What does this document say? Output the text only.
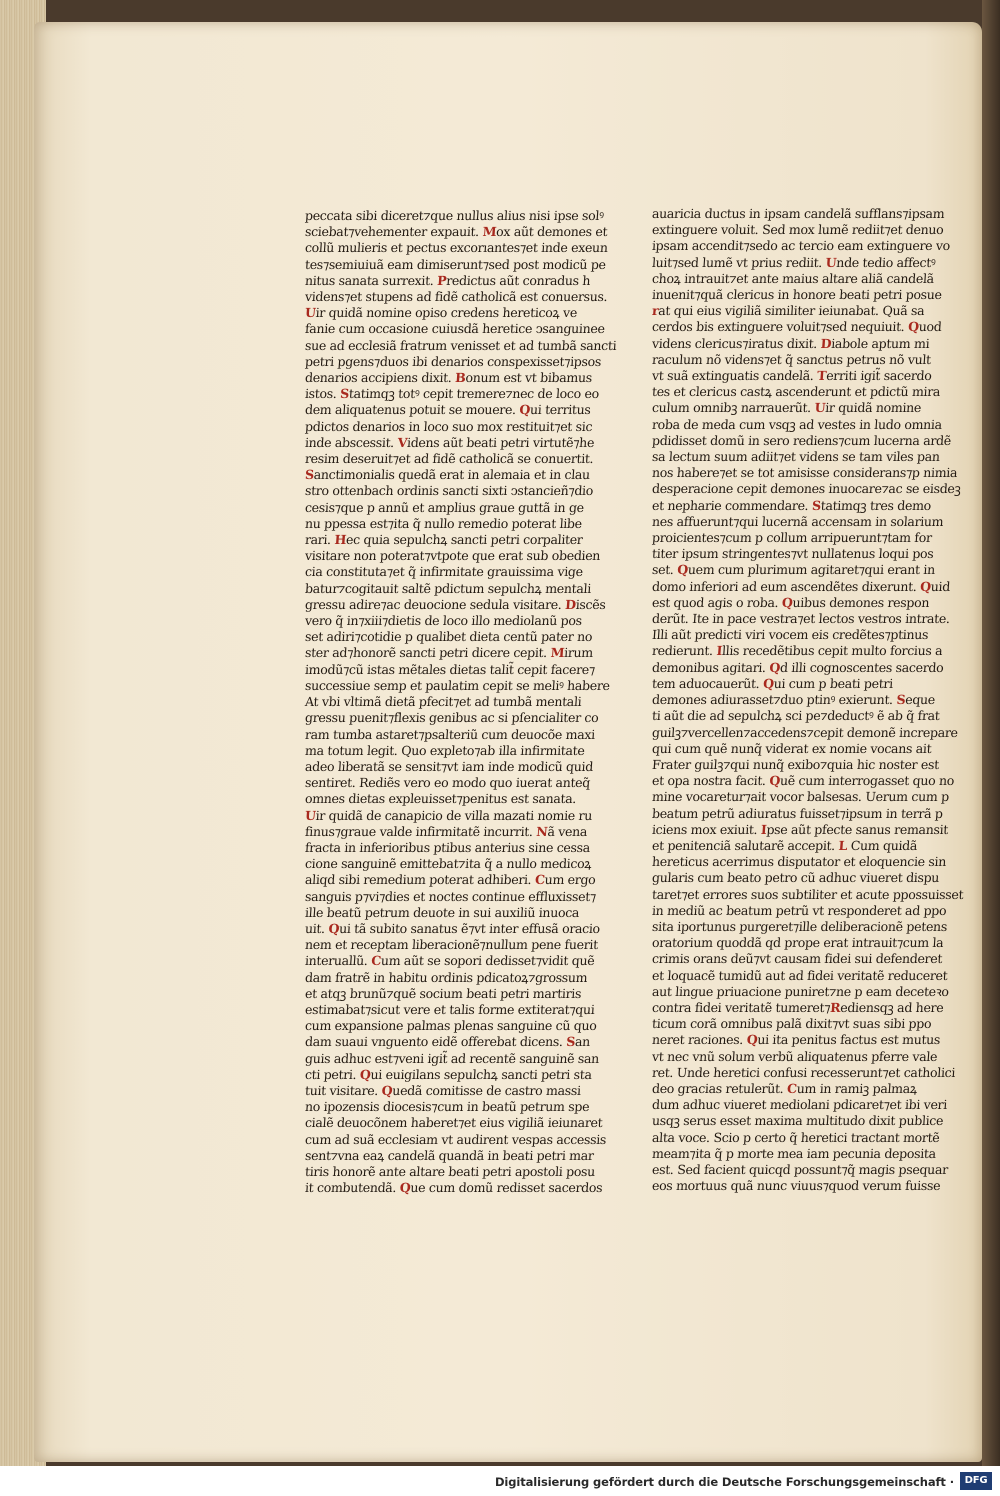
peccata sibi diceret⁊que nullus alius nisi ipse solꝰ
sciebat⁊vehementer expauit. Mox aũt demones et
collũ mulieris et pectus excorıantes⁊et inde exeun
tes⁊semiuiuã eam dimiserunt⁊sed post modicũ pe
nitus sanata surrexit. Predictus aũt conradus h
videns⁊et stupens ad fidẽ catholicã est conuersus.
Uir quidã nomine opiso credens hereticoꝝ ve
fanie cum occasione cuiusdã heretice ↄsanguinee
sue ad ecclesiã fratrum venisset et ad tumbã sancti
petri pgens⁊duos ibi denarios conspexisset⁊ipsos
denarios accipiens dixit. Bonum est vt bibamus
istos. Statimqꝫ totꝰ cepit tremere⁊nec de loco eo
dem aliquatenus potuit se mouere. Qui territus
pdictos denarios in loco suo mox restituit⁊et sic
inde abscessit. Videns aũt beati petri virtutẽ⁊he
resim deseruit⁊et ad fidẽ catholicã se conuertit.
Sanctimonialis quedã erat in alemaia et in clau
stro ottenbach ordinis sancti sixti ↄstancieñ⁊dio
cesis⁊que p annũ et amplius graue guttã in ge
nu ppessa est⁊ita q̃ nullo remedio poterat libe
rari. Hec quia sepulchꝝ sancti petri corpaliter
visitare non poterat⁊vtpote que erat sub obedien
cia constituta⁊et q̃ infirmitate grauissima vige
batur⁊cogitauit saltẽ pdictum sepulchꝝ mentali
gressu adire⁊ac deuocione sedula visitare. Discẽs
vero q̃ in⁊xiii⁊dietis de loco illo mediolanũ pos
set adiri⁊cotidie p qualibet dieta centũ pater no
ster ad⁊honorẽ sancti petri dicere cepit. Mirum
imodũ⁊cũ istas mẽtales dietas talit̃ cepit facere⁊
successiue semp et paulatim cepit se meliꝰ habere
At vbi vltimã dietã pfecit⁊et ad tumbã mentali
gressu puenit⁊flexis genibus ac si pſencialiter co
ram tumba astaret⁊psalteriũ cum deuocõe maxi
ma totum legit. Quo expleto⁊ab illa infirmitate
adeo liberatã se sensit⁊vt iam inde modicũ quid
sentiret. Rediẽs vero eo modo quo iuerat anteq̃
omnes dietas expleuisset⁊penitus est sanata.
Uir quidã de canapicio de villa mazati nomie ru
finus⁊graue valde infirmitatẽ incurrit. Nã vena
fracta in inferioribus ptibus anterius sine cessa
cione sanguinẽ emittebat⁊ita q̃ a nullo medicoꝝ
aliqd sibi remedium poterat adhiberi. Cum ergo
sanguis p⁊vi⁊dies et noctes continue effluxisset⁊
ille beatũ petrum deuote in sui auxiliũ inuoca
uit. Qui tã subito sanatus ẽ⁊vt inter effusã oracio
nem et receptam liberacionẽ⁊nullum pene fuerit
interuallũ. Cum aũt se sopori dedisset⁊vidit quẽ
dam fratrẽ in habitu ordinis pdicatoꝝ⁊grossum
et atqꝫ brunũ⁊quẽ socium beati petri martiris
estimabat⁊sicut vere et talis forme extiterat⁊qui
cum expansione palmas plenas sanguine cũ quo
dam suaui vnguento eidẽ offerebat dicens. San
guis adhuc est⁊veni igit̃ ad recentẽ sanguinẽ san
cti petri. Qui euigilans sepulchꝝ sancti petri sta
tuit visitare. Quedã comitisse de castro massi
no ipozensis diocesis⁊cum in beatũ petrum spe
cialẽ deuocõnem haberet⁊et eius vigiliã ieiunaret
cum ad suã ecclesiam vt audirent vespas accessis
sent⁊vna eaꝝ candelã quandã in beati petri mar
tiris honorẽ ante altare beati petri apostoli posu
it combutendã. Que cum domũ redisset sacerdos
auaricia ductus in ipsam candelã sufflans⁊ipsam
extinguere voluit. Sed mox lumẽ rediit⁊et denuo
ipsam accendit⁊sedo ac tercio eam extinguere vo
luit⁊sed lumẽ vt prius rediit. Unde tedio affectꝰ
choꝝ intrauit⁊et ante maius altare aliã candelã
inuenit⁊quã clericus in honore beati petri posue
rat qui eius vigiliã similiter ieiunabat. Quã sa
cerdos bis extinguere voluit⁊sed nequiuit. Quod
videns clericus⁊iratus dixit. Diabole aptum mi
raculum nõ videns⁊et q̃ sanctus petrus nõ vult
vt suã extinguatis candelã. Territi igit̃ sacerdo
tes et clericus castꝝ ascenderunt et pdictũ mira
culum omnibꝫ narrauerũt. Uir quidã nomine
roba de meda cum vsqꝫ ad vestes in ludo omnia
pdidisset domũ in sero rediens⁊cum lucerna ardẽ
sa lectum suum adiit⁊et videns se tam viles pan
nos habere⁊et se tot amisisse considerans⁊p nimia
desperacione cepit demones inuocare⁊ac se eisdeꝫ
et nepharie commendare. Statimqꝫ tres demo
nes affuerunt⁊qui lucernã accensam in solarium
proicientes⁊cum p collum arripuerunt⁊tam for
titer ipsum stringentes⁊vt nullatenus loqui pos
set. Quem cum plurimum agitaret⁊qui erant in
domo inferiori ad eum ascendẽtes dixerunt. Quid
est quod agis o roba. Quibus demones respon
derũt. Ite in pace vestra⁊et lectos vestros intrate.
Illi aũt predicti viri vocem eis credẽtes⁊ptinus
redierunt. Illis recedẽtibus cepit multo forcius a
demonibus agitari. Qd illi cognoscentes sacerdo
tem aduocauerũt. Qui cum p beati petri
demones adiurasset⁊duo ptinꝰ exierunt. Seque
ti aũt die ad sepulchꝝ sci pe⁊deductꝰ ẽ ab q̃ frat
guilꝫ⁊vercellen⁊accedens⁊cepit demonẽ increpare
qui cum quẽ nunq̃ viderat ex nomie vocans ait
Frater guilꝫ⁊qui nunq̃ exibo⁊quia hic noster est
et opa nostra facit. Quẽ cum interrogasset quo no
mine vocaretur⁊ait vocor balsesas. Uerum cum p
beatum petrũ adiuratus fuisset⁊ipsum in terrã p
iciens mox exiuit. Ipse aũt pfecte sanus remansit
et penitenciã salutarẽ accepit. L Cum quidã
hereticus acerrimus disputator et eloquencie sin
gularis cum beato petro cũ adhuc viueret dispu
taret⁊et errores suos subtiliter et acute ppossuisset
in mediũ ac beatum petrũ vt responderet ad ppo
sita iportunus purgeret⁊ille deliberacionẽ petens
oratorium quoddã qd prope erat intrauit⁊cum la
crimis orans deũ⁊vt causam fidei sui defenderet
et loquacẽ tumidũ aut ad fidei veritatẽ reduceret
aut lingue priuacione puniret⁊ne p eam deceteꝛo
contra fidei veritatẽ tumeret⁊Rediensqꝫ ad here
ticum corã omnibus palã dixit⁊vt suas sibi ppo
neret raciones. Qui ita penitus factus est mutus
vt nec vnũ solum verbũ aliquatenus pferre vale
ret. Unde heretici confusi recesserunt⁊et catholici
deo gracias retulerũt. Cum in ramiꝫ palmaꝝ
dum adhuc viueret mediolani pdicaret⁊et ibi veri
usqꝫ serus esset maxima multitudo dixit publice
alta voce. Scio p certo q̃ heretici tractant mortẽ
meam⁊ita q̃ p morte mea iam pecunia deposita
est. Sed facient quicqd possunt⁊q̃ magis psequar
eos mortuus quã nunc viuus⁊quod verum fuisse
Digitalisierung gefördert durch die Deutsche Forschungsgemeinschaft ·	DFG
